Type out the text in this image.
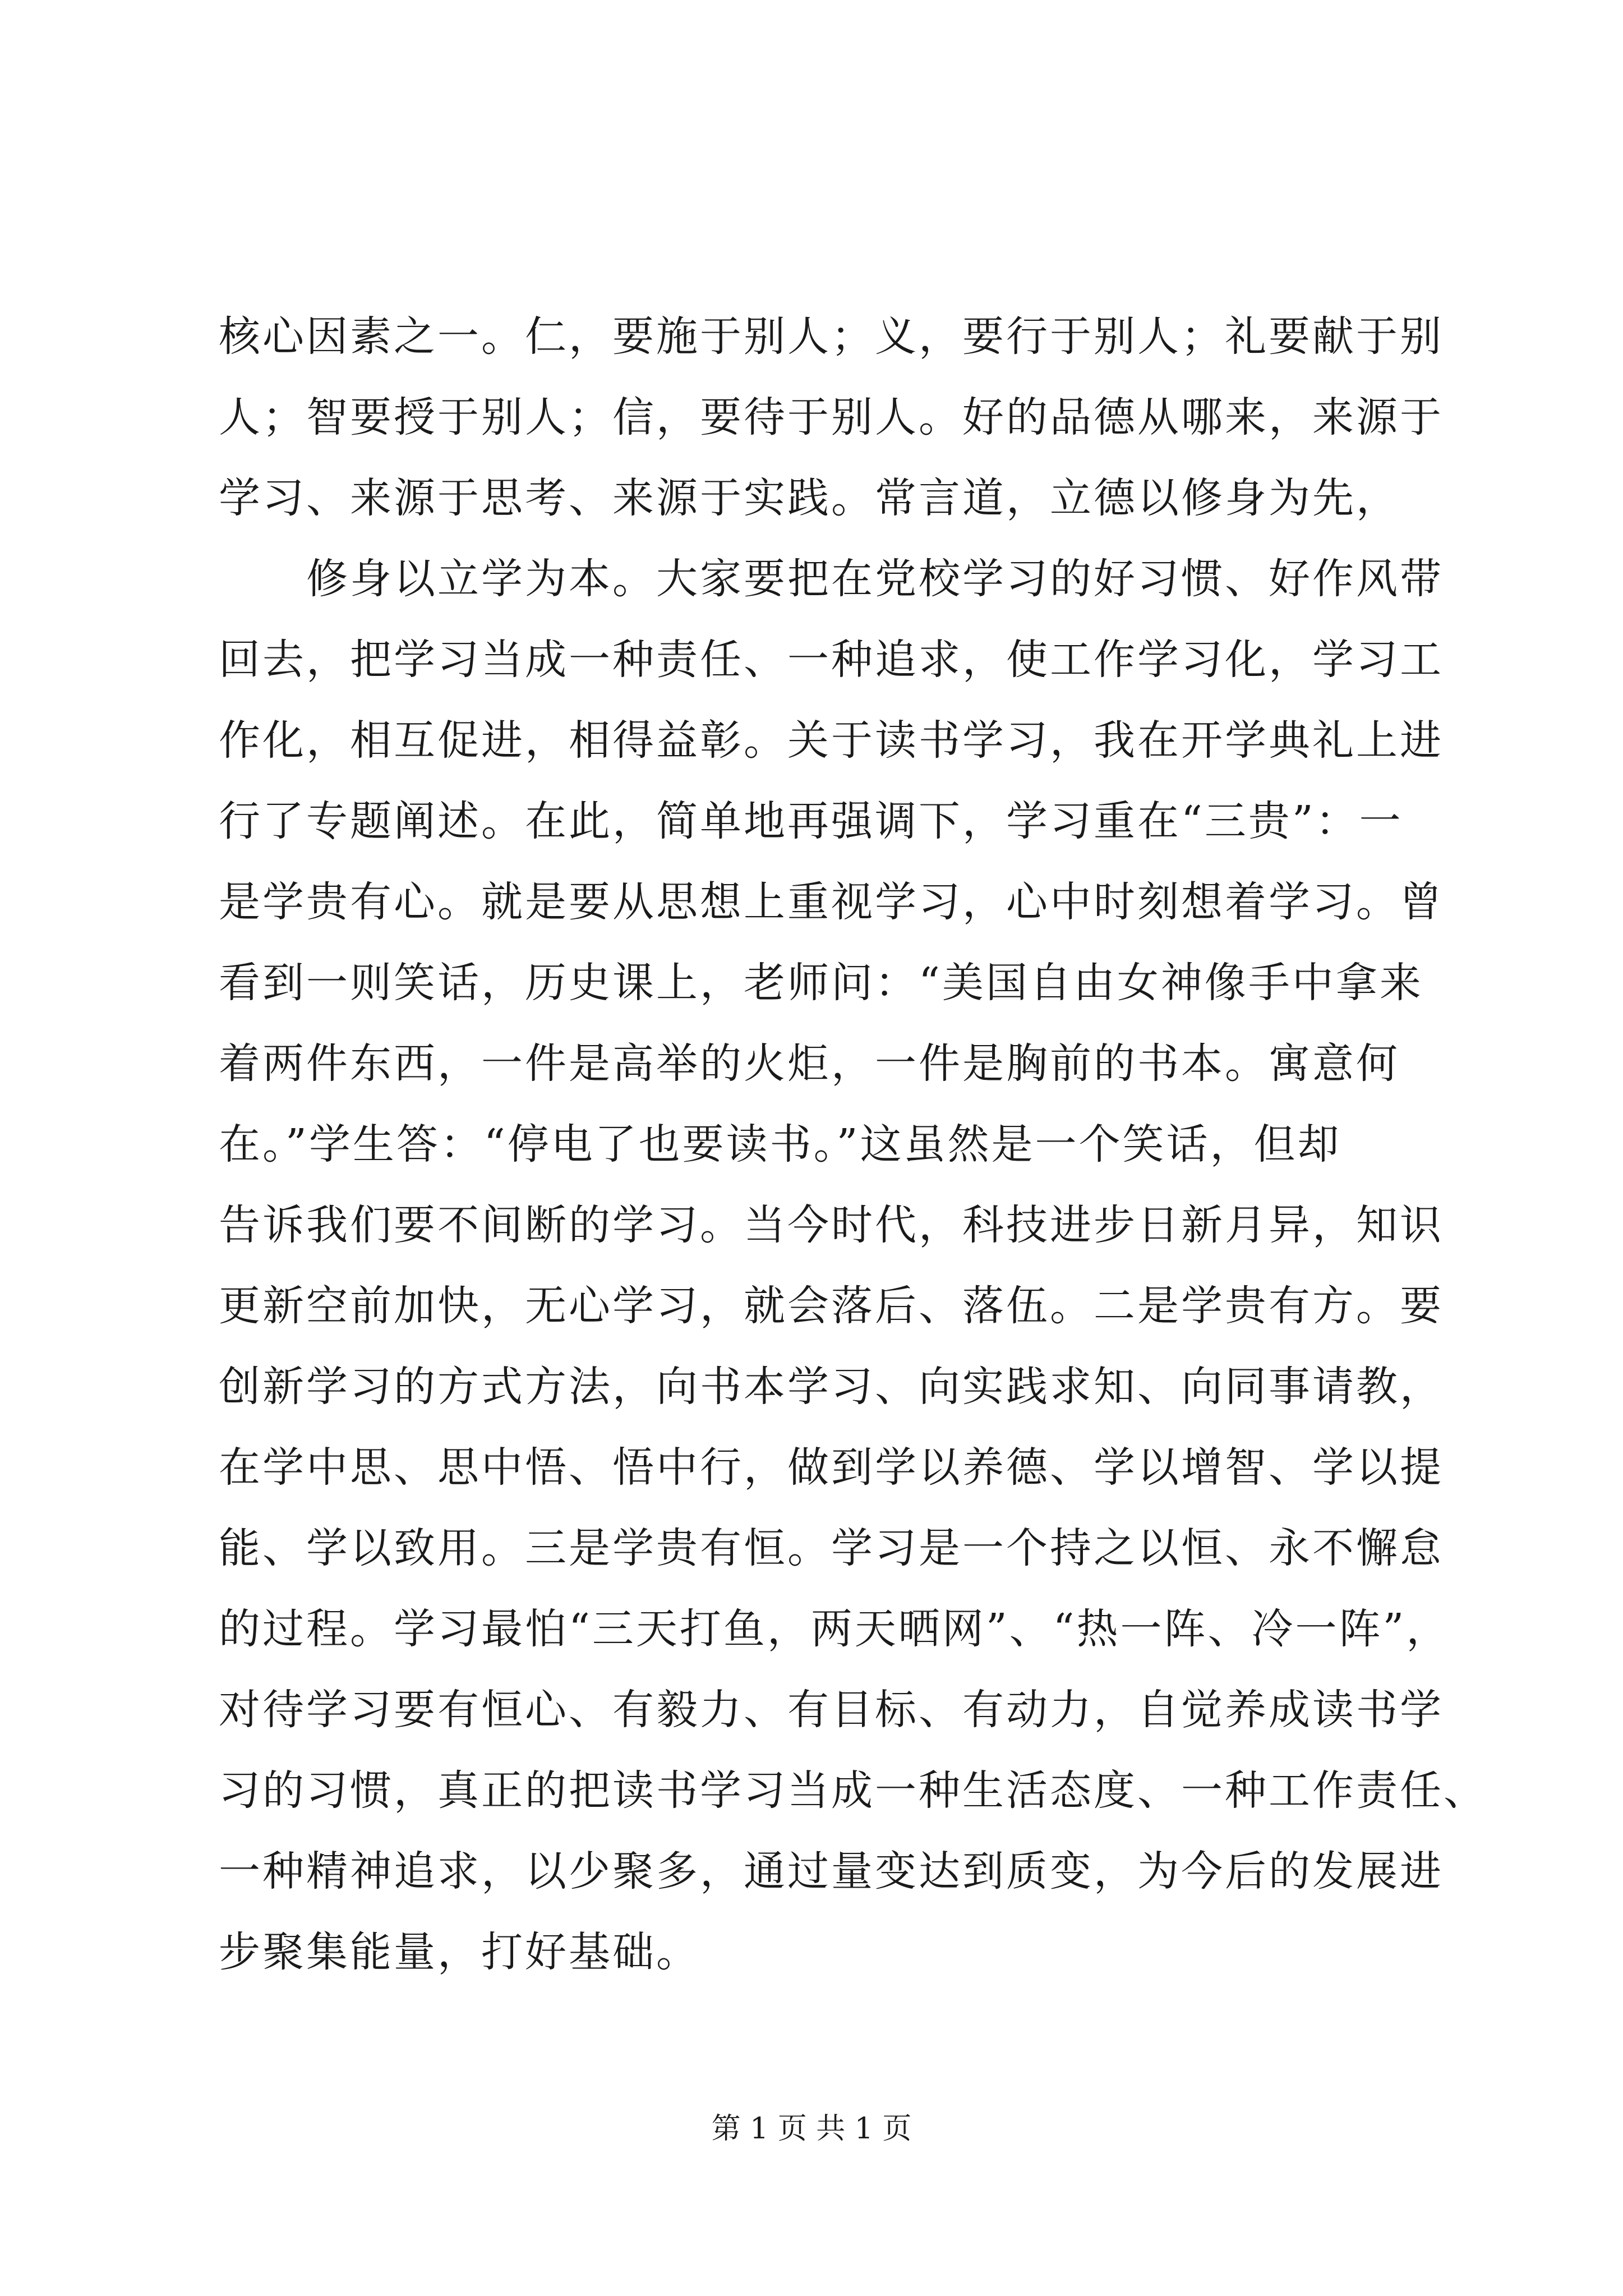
核心因素之一。仁，要施于别人；义，要行于别人；礼要献于别
人；智要授于别人；信，要待于别人。好的品德从哪来，来源于
学习、来源于思考、来源于实践。常言道，立德以修身为先，
　　修身以立学为本。大家要把在党校学习的好习惯、好作风带
回去，把学习当成一种责任、一种追求，使工作学习化，学习工
作化，相互促进，相得益彰。关于读书学习，我在开学典礼上进
行了专题阐述。在此，简单地再强调下，学习重在“三贵”：一
是学贵有心。就是要从思想上重视学习，心中时刻想着学习。曾
看到一则笑话，历史课上，老师问：“美国自由女神像手中拿来
着两件东西，一件是高举的火炬，一件是胸前的书本。寓意何
在。”学生答：“停电了也要读书。”这虽然是一个笑话，但却
告诉我们要不间断的学习。当今时代，科技进步日新月异，知识
更新空前加快，无心学习，就会落后、落伍。二是学贵有方。要
创新学习的方式方法，向书本学习、向实践求知、向同事请教，
在学中思、思中悟、悟中行，做到学以养德、学以增智、学以提
能、学以致用。三是学贵有恒。学习是一个持之以恒、永不懈怠
的过程。学习最怕“三天打鱼，两天晒网”、“热一阵、冷一阵”，
对待学习要有恒心、有毅力、有目标、有动力，自觉养成读书学
习的习惯，真正的把读书学习当成一种生活态度、一种工作责任、
一种精神追求，以少聚多，通过量变达到质变，为今后的发展进
步聚集能量，打好基础。
第 1 页 共 1 页
